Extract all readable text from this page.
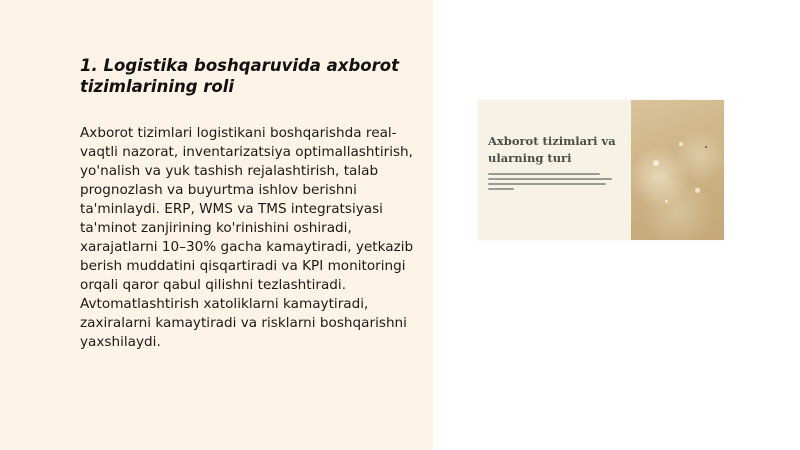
1. Logistika boshqaruvida axborot tizimlarining roli

Axborot tizimlari logistikani boshqarishda real-vaqtli nazorat, inventarizatsiya optimallashtirish, yo'nalish va yuk tashish rejalashtirish, talab prognozlash va buyurtma ishlov berishni ta'minlaydi. ERP, WMS va TMS integratsiyasi ta'minot zanjirining ko'rinishini oshiradi, xarajatlarni 10–30% gacha kamaytiradi, yetkazib berish muddatini qisqartiradi va KPI monitoringi orqali qaror qabul qilishni tezlashtiradi. Avtomatlashtirish xatoliklarni kamaytiradi, zaxiralarni kamaytiradi va risklarni boshqarishni yaxshilaydi.

Axborot tizimlari va ularning turi
